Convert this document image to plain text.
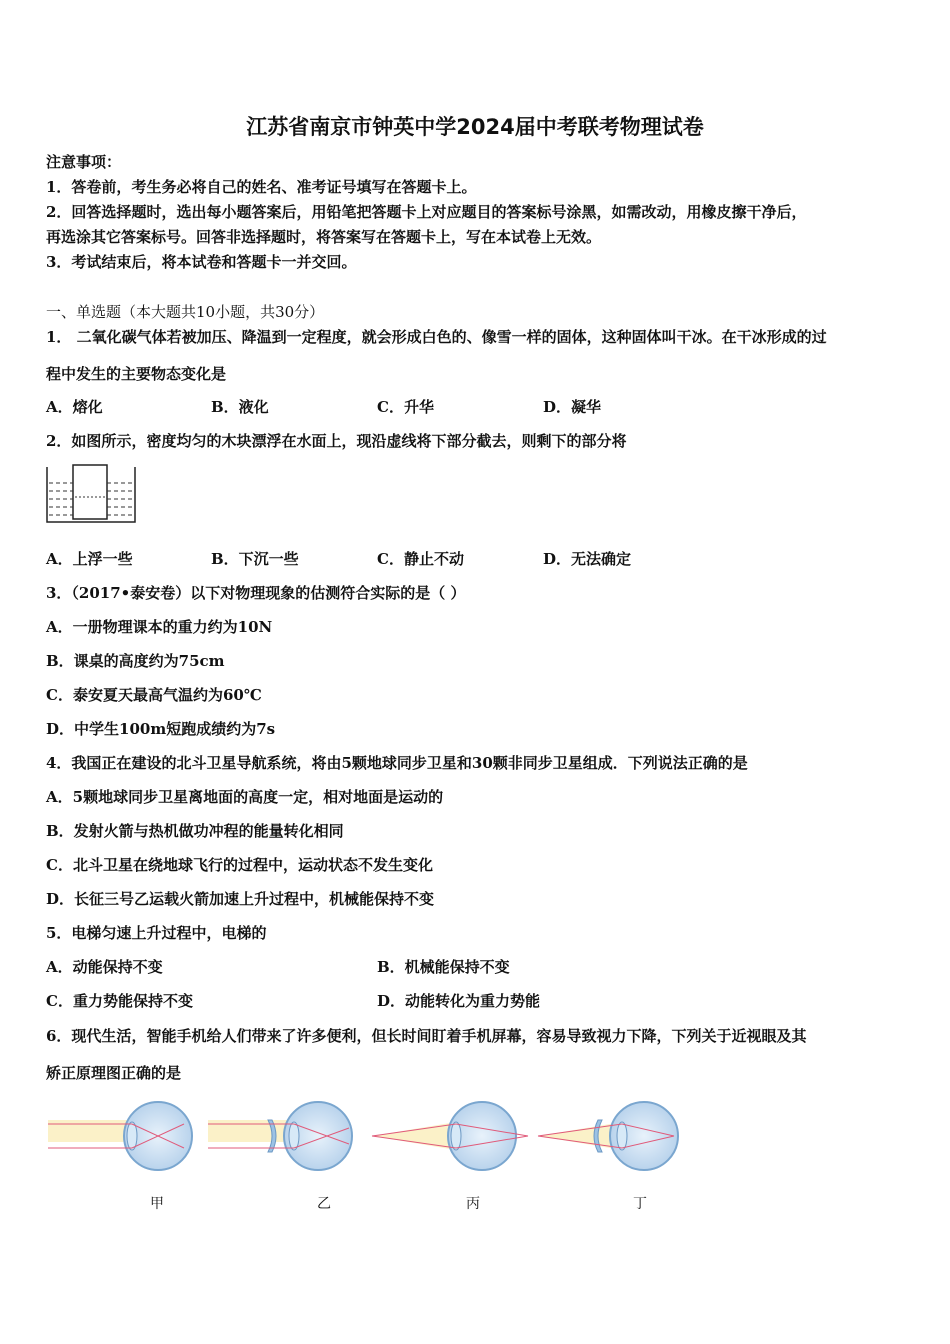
江苏省南京市钟英中学2024届中考联考物理试卷
注意事项：
1．答卷前，考生务必将自己的姓名、准考证号填写在答题卡上。
2．回答选择题时，选出每小题答案后，用铅笔把答题卡上对应题目的答案标号涂黑，如需改动，用橡皮擦干净后，
再选涂其它答案标号。回答非选择题时，将答案写在答题卡上，写在本试卷上无效。
3．考试结束后，将本试卷和答题卡一并交回。
一、单选题（本大题共10小题，共30分）
1． 二氧化碳气体若被加压、降温到一定程度，就会形成白色的、像雪一样的固体，这种固体叫干冰。在干冰形成的过
程中发生的主要物态变化是
A．熔化	B．液化	C．升华	D．凝华
2．如图所示，密度均匀的木块漂浮在水面上，现沿虚线将下部分截去，则剩下的部分将
A．上浮一些	B．下沉一些	C．静止不动	D．无法确定
3．（2017•泰安卷）以下对物理现象的估测符合实际的是（ ）
A．一册物理课本的重力约为10N
B．课桌的高度约为75cm
C．泰安夏天最高气温约为60℃
D．中学生100m短跑成绩约为7s
4．我国正在建设的北斗卫星导航系统，将由5颗地球同步卫星和30颗非同步卫星组成．下列说法正确的是
A．5颗地球同步卫星离地面的高度一定，相对地面是运动的
B．发射火箭与热机做功冲程的能量转化相同
C．北斗卫星在绕地球飞行的过程中，运动状态不发生变化
D．长征三号乙运载火箭加速上升过程中，机械能保持不变
5．电梯匀速上升过程中，电梯的
A．动能保持不变	B．机械能保持不变
C．重力势能保持不变	D．动能转化为重力势能
6．现代生活，智能手机给人们带来了许多便利，但长时间盯着手机屏幕，容易导致视力下降，下列关于近视眼及其
矫正原理图正确的是
甲	乙	丙	丁
